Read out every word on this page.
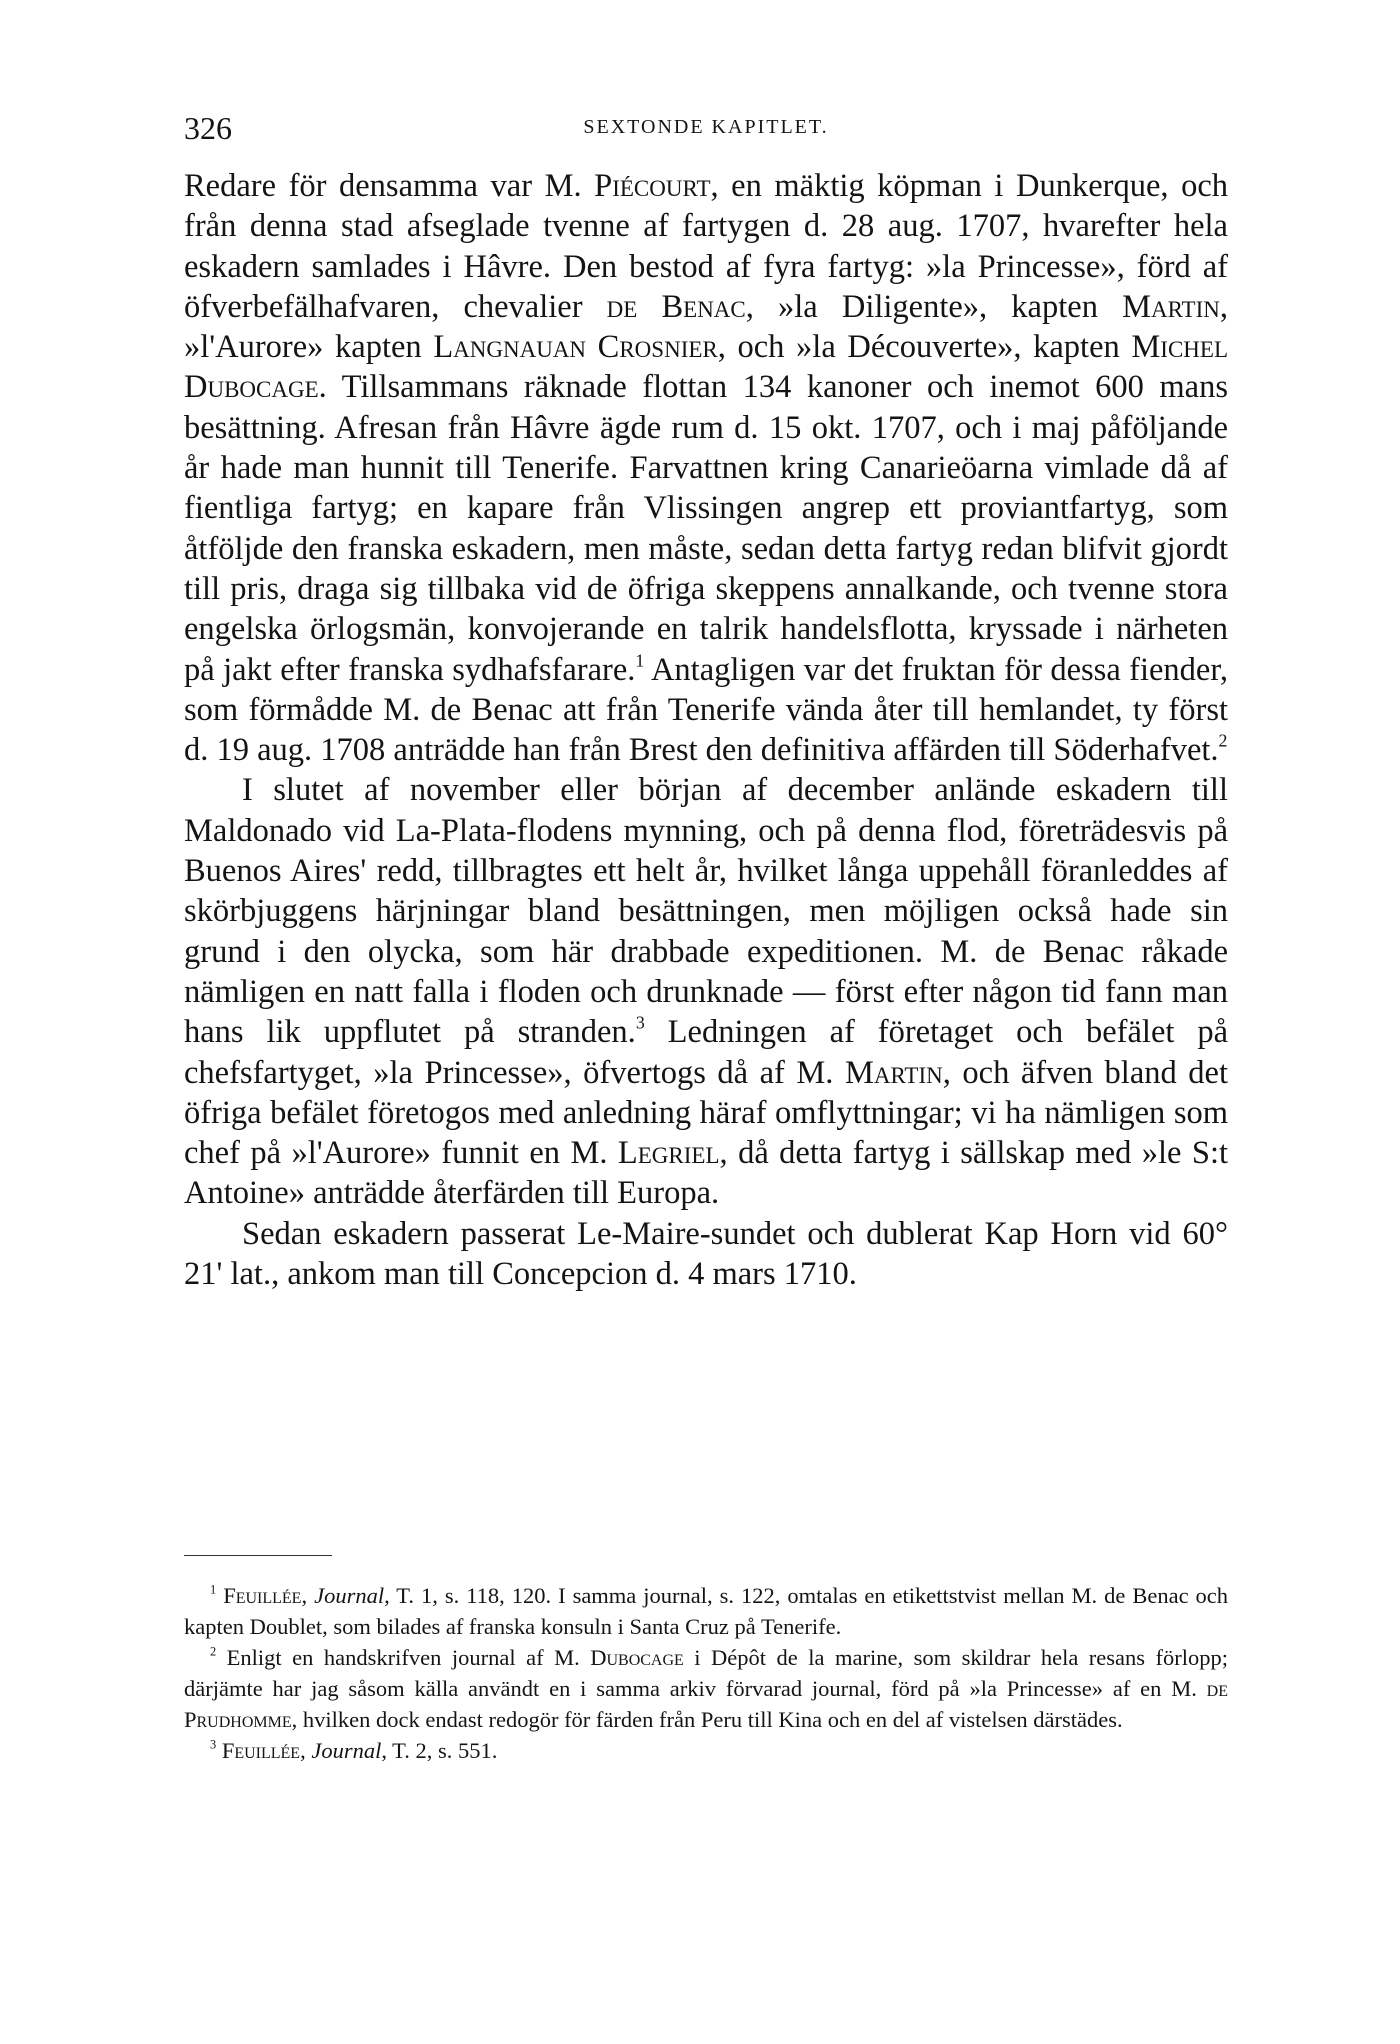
326	SEXTONDE KAPITLET.

Redare för densamma var M. Piécourt, en mäktig köpman i Dunkerque, och från denna stad afseglade tvenne af fartygen d. 28 aug. 1707, hvarefter hela eskadern samlades i Hâvre. Den bestod af fyra fartyg: »la Princesse», förd af öfverbefälhafvaren, chevalier de Benac, »la Diligente», kapten Martin, »l'Aurore» kapten Langnauan Crosnier, och »la Découverte», kapten Michel Dubocage. Tillsammans räknade flottan 134 kanoner och inemot 600 mans besättning. Afresan från Hâvre ägde rum d. 15 okt. 1707, och i maj påföljande år hade man hunnit till Tenerife. Farvattnen kring Canarieöarna vimlade då af fientliga fartyg; en kapare från Vlissingen angrep ett proviantfartyg, som åtföljde den franska eskadern, men måste, sedan detta fartyg redan blifvit gjordt till pris, draga sig tillbaka vid de öfriga skeppens annalkande, och tvenne stora engelska örlogsmän, konvojerande en talrik handelsflotta, kryssade i närheten på jakt efter franska sydhafsfarare.$^1$ Antagligen var det fruktan för dessa fiender, som förmådde M. de Benac att från Tenerife vända åter till hemlandet, ty först d. 19 aug. 1708 anträdde han från Brest den definitiva affärden till Söderhafvet.$^2$

I slutet af november eller början af december anlände eskadern till Maldonado vid La-Plata-flodens mynning, och på denna flod, företrädesvis på Buenos Aires' redd, tillbragtes ett helt år, hvilket långa uppehåll föranleddes af skörbjuggens härjningar bland besättningen, men möjligen också hade sin grund i den olycka, som här drabbade expeditionen. M. de Benac råkade nämligen en natt falla i floden och drunknade — först efter någon tid fann man hans lik uppflutet på stranden.$^3$ Ledningen af företaget och befälet på chefsfartyget, »la Princesse», öfvertogs då af M. Martin, och äfven bland det öfriga befälet företogos med anledning häraf omflyttningar; vi ha nämligen som chef på »l'Aurore» funnit en M. Legriel, då detta fartyg i sällskap med »le S:t Antoine» anträdde återfärden till Europa.

Sedan eskadern passerat Le-Maire-sundet och dublerat Kap Horn vid 60° 21' lat., ankom man till Concepcion d. 4 mars 1710.

$^1$ Feuillée, Journal, T. 1, s. 118, 120. I samma journal, s. 122, omtalas en etikettstvist mellan M. de Benac och kapten Doublet, som bilades af franska konsuln i Santa Cruz på Tenerife.

$^2$ Enligt en handskrifven journal af M. Dubocage i Dépôt de la marine, som skildrar hela resans förlopp; därjämte har jag såsom källa användt en i samma arkiv förvarad journal, förd på »la Princesse» af en M. de Prudhomme, hvilken dock endast redogör för färden från Peru till Kina och en del af vistelsen därstädes.

$^3$ Feuillée, Journal, T. 2, s. 551.
